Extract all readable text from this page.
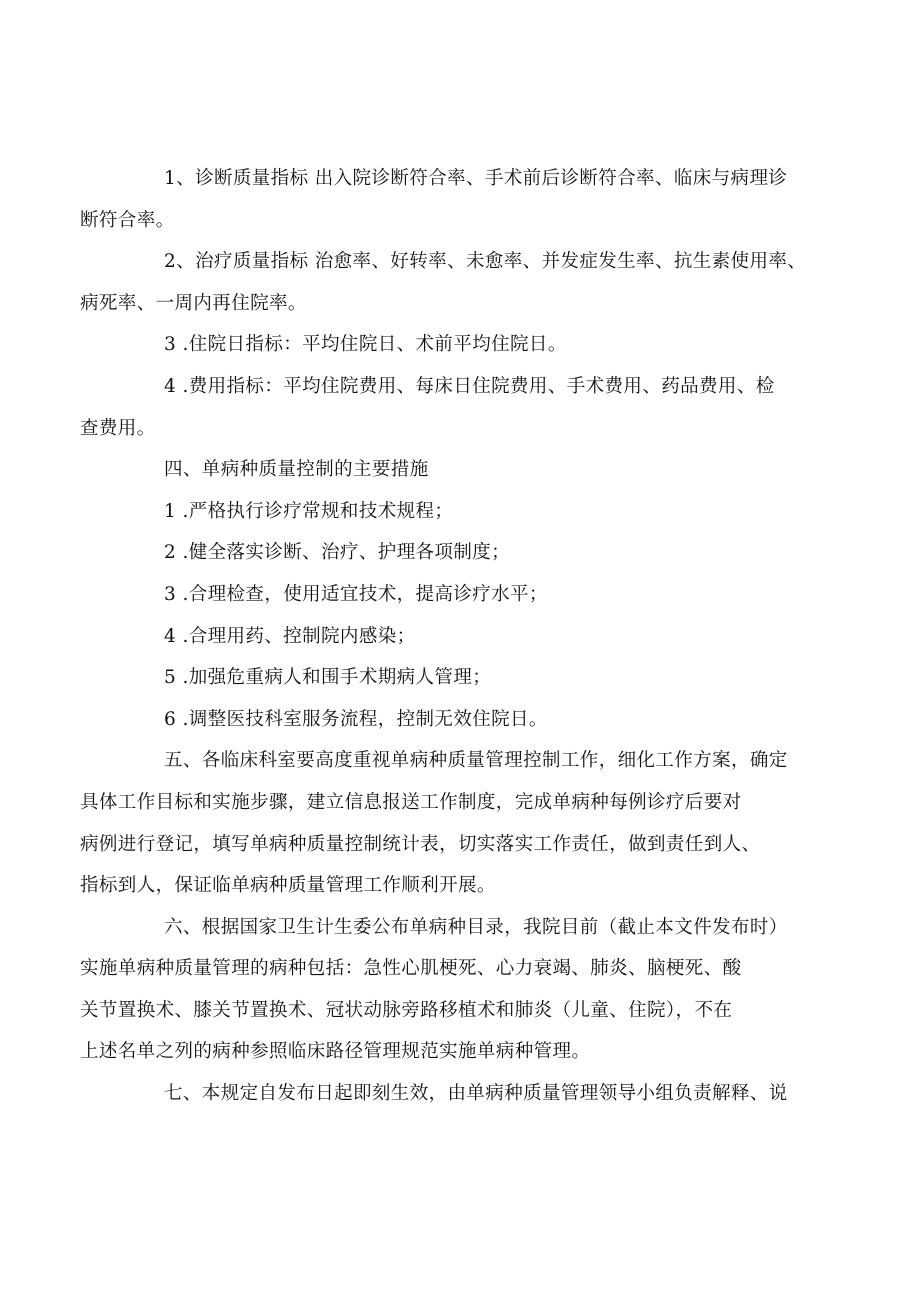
1、诊断质量指标 出入院诊断符合率、手术前后诊断符合率、临床与病理诊
断符合率。

2、治疗质量指标 治愈率、好转率、未愈率、并发症发生率、抗生素使用率、
病死率、一周内再住院率。

3 .住院日指标：平均住院日、术前平均住院日。

4 .费用指标：平均住院费用、每床日住院费用、手术费用、药品费用、检
查费用。

四、单病种质量控制的主要措施

1 .严格执行诊疗常规和技术规程；

2 .健全落实诊断、治疗、护理各项制度；

3 .合理检查，使用适宜技术，提高诊疗水平；

4 .合理用药、控制院内感染；

5 .加强危重病人和围手术期病人管理；

6 .调整医技科室服务流程，控制无效住院日。

五、各临床科室要高度重视单病种质量管理控制工作，细化工作方案，确定
具体工作目标和实施步骤，建立信息报送工作制度，完成单病种每例诊疗后要对
病例进行登记，填写单病种质量控制统计表，切实落实工作责任，做到责任到人、
指标到人，保证临单病种质量管理工作顺利开展。

六、根据国家卫生计生委公布单病种目录，我院目前（截止本文件发布时）
实施单病种质量管理的病种包括：急性心肌梗死、心力衰竭、肺炎、脑梗死、酸
关节置换术、膝关节置换术、冠状动脉旁路移植术和肺炎（儿童、住院），不在
上述名单之列的病种参照临床路径管理规范实施单病种管理。

七、本规定自发布日起即刻生效，由单病种质量管理领导小组负责解释、说
